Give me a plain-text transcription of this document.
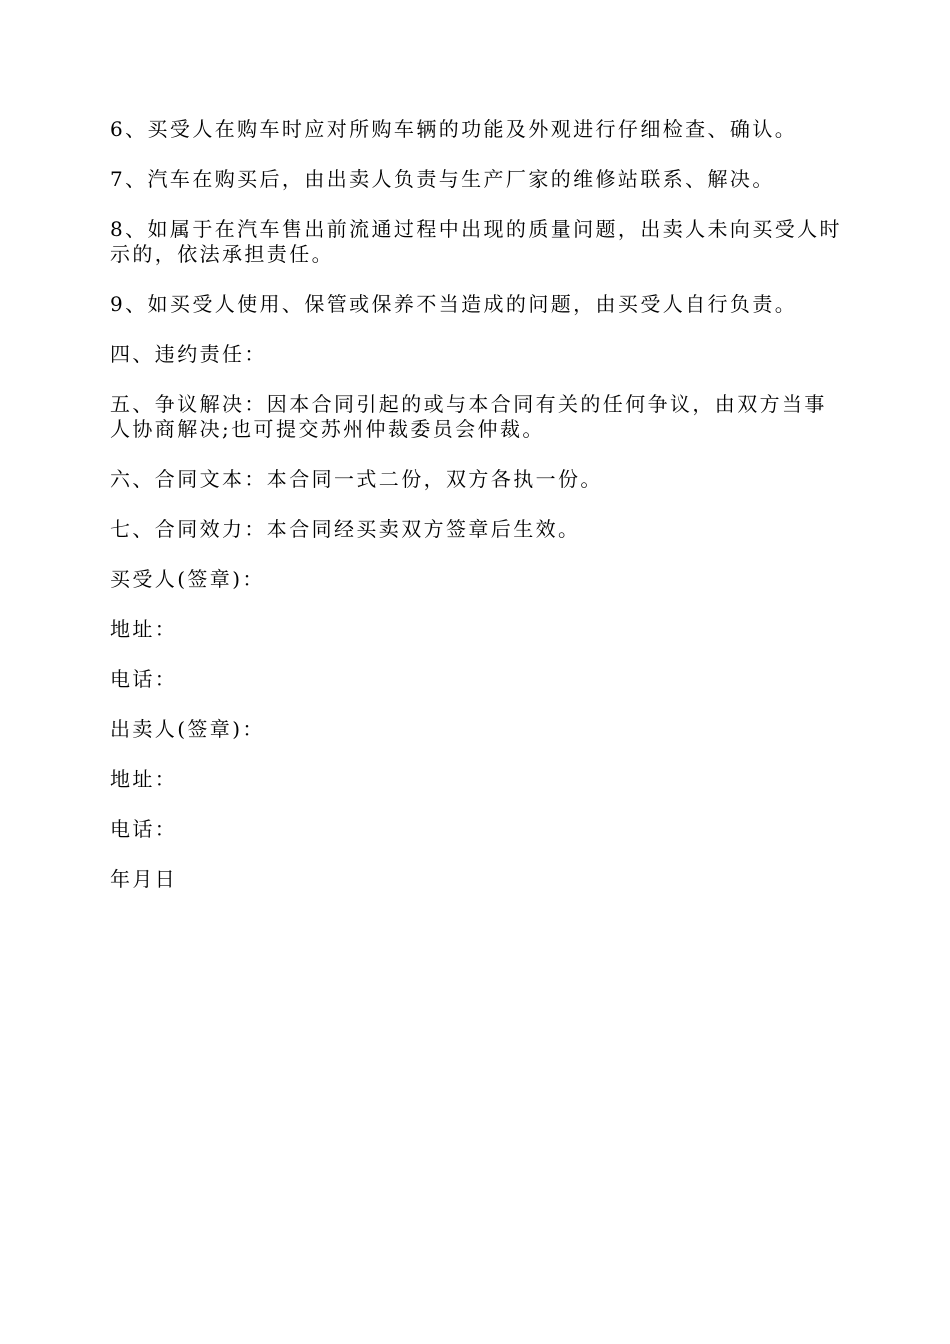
6、买受人在购车时应对所购车辆的功能及外观进行仔细检查、确认。

7、汽车在购买后，由出卖人负责与生产厂家的维修站联系、解决。

8、如属于在汽车售出前流通过程中出现的质量问题，出卖人未向买受人时示的，依法承担责任。

9、如买受人使用、保管或保养不当造成的问题，由买受人自行负责。

四、违约责任：

五、争议解决：因本合同引起的或与本合同有关的任何争议，由双方当事人协商解决;也可提交苏州仲裁委员会仲裁。

六、合同文本：本合同一式二份，双方各执一份。

七、合同效力：本合同经买卖双方签章后生效。

买受人(签章)：

地址：

电话：

出卖人(签章)：

地址：

电话：

年月日
